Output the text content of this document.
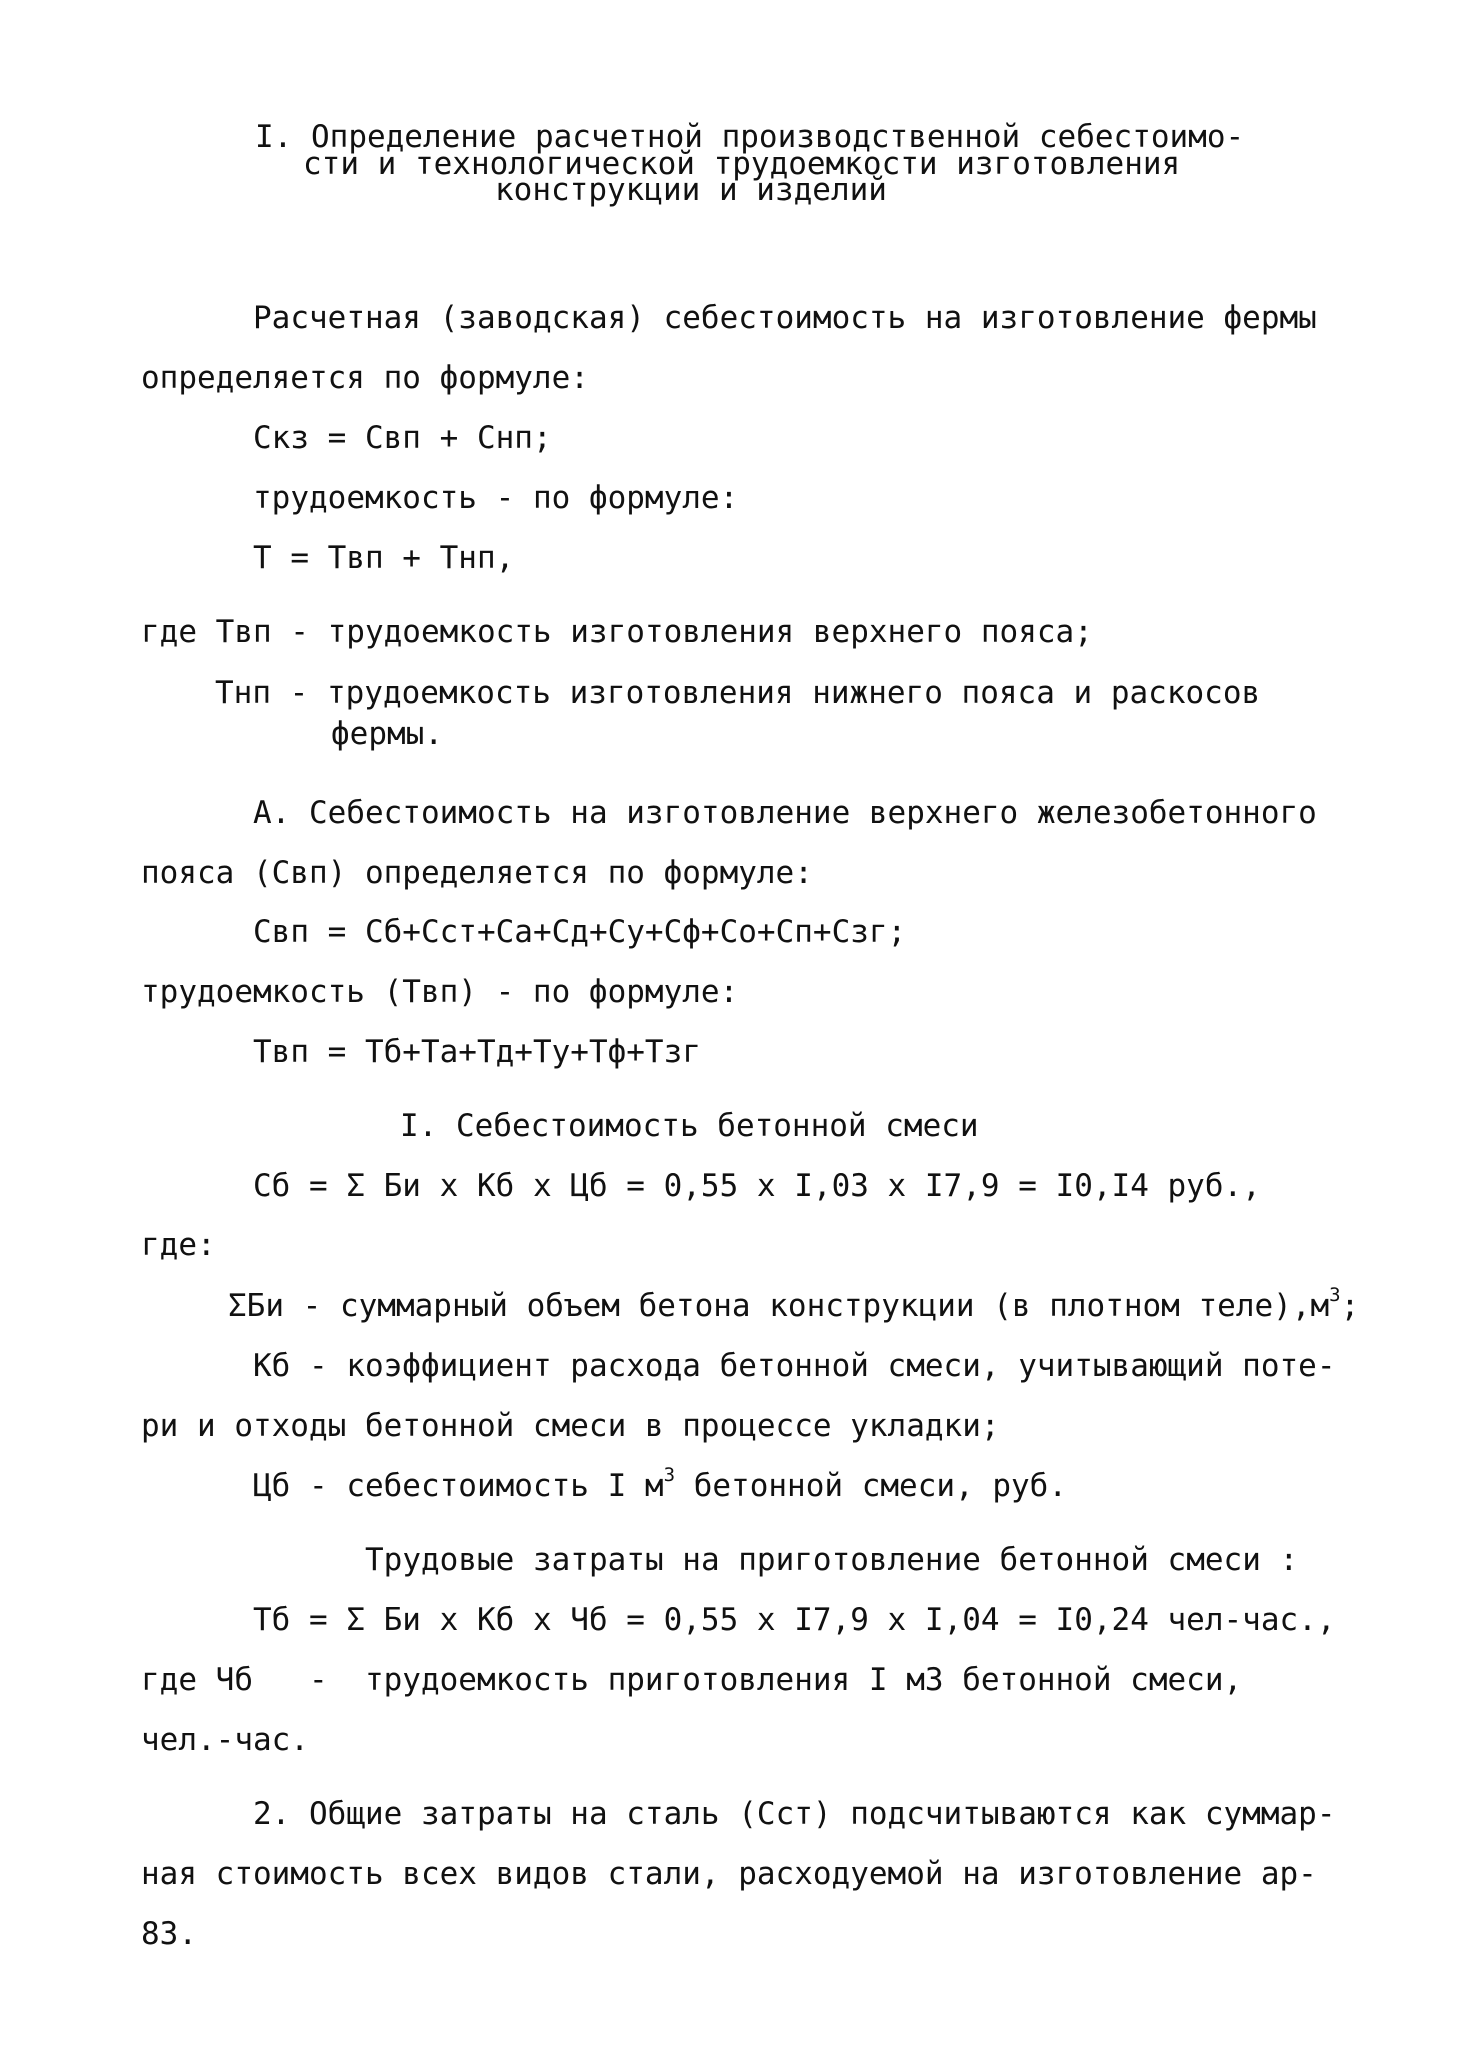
I. Определение расчетной производственной себестоимо-
сти и технологической трудоемкости изготовления
конструкции и изделий
Расчетная (заводская) себестоимость на изготовление фермы
определяется по формуле:
Скз = Свп + Снп;
трудоемкость - по формуле:
Т = Твп + Тнп,
где Твп - трудоемкость изготовления верхнего пояса;
Тнп - трудоемкость изготовления нижнего пояса и раскосов
фермы.
А. Себестоимость на изготовление верхнего железобетонного
пояса (Свп) определяется по формуле:
Свп = Сб+Сст+Са+Сд+Су+Сф+Со+Сп+Сзг;
трудоемкость (Твп) - по формуле:
Твп = Тб+Та+Тд+Ту+Тф+Тзг
I. Себестоимость бетонной смеси
Сб = Σ Би х Кб х Цб = 0,55 х I,03 х I7,9 = I0,I4 руб.,
где:
ΣБи - суммарный объем бетона конструкции (в плотном $теле),м^3$;
Кб - коэффициент расхода бетонной смеси, учитывающий поте-
ри и отходы бетонной смеси в процессе укладки;
Цб - себестоимость I $м^3$ бетонной смеси, руб.
Трудовые затраты на приготовление бетонной смеси :
Тб = Σ Би х Кб х Чб = 0,55 х I7,9 х I,04 = I0,24 чел-час.,
где Чб   -  трудоемкость приготовления I м3 бетонной смеси,
чел.-час.
2. Общие затраты на сталь (Сст) подсчитываются как суммар-
ная стоимость всех видов стали, расходуемой на изготовление ар-
83.
